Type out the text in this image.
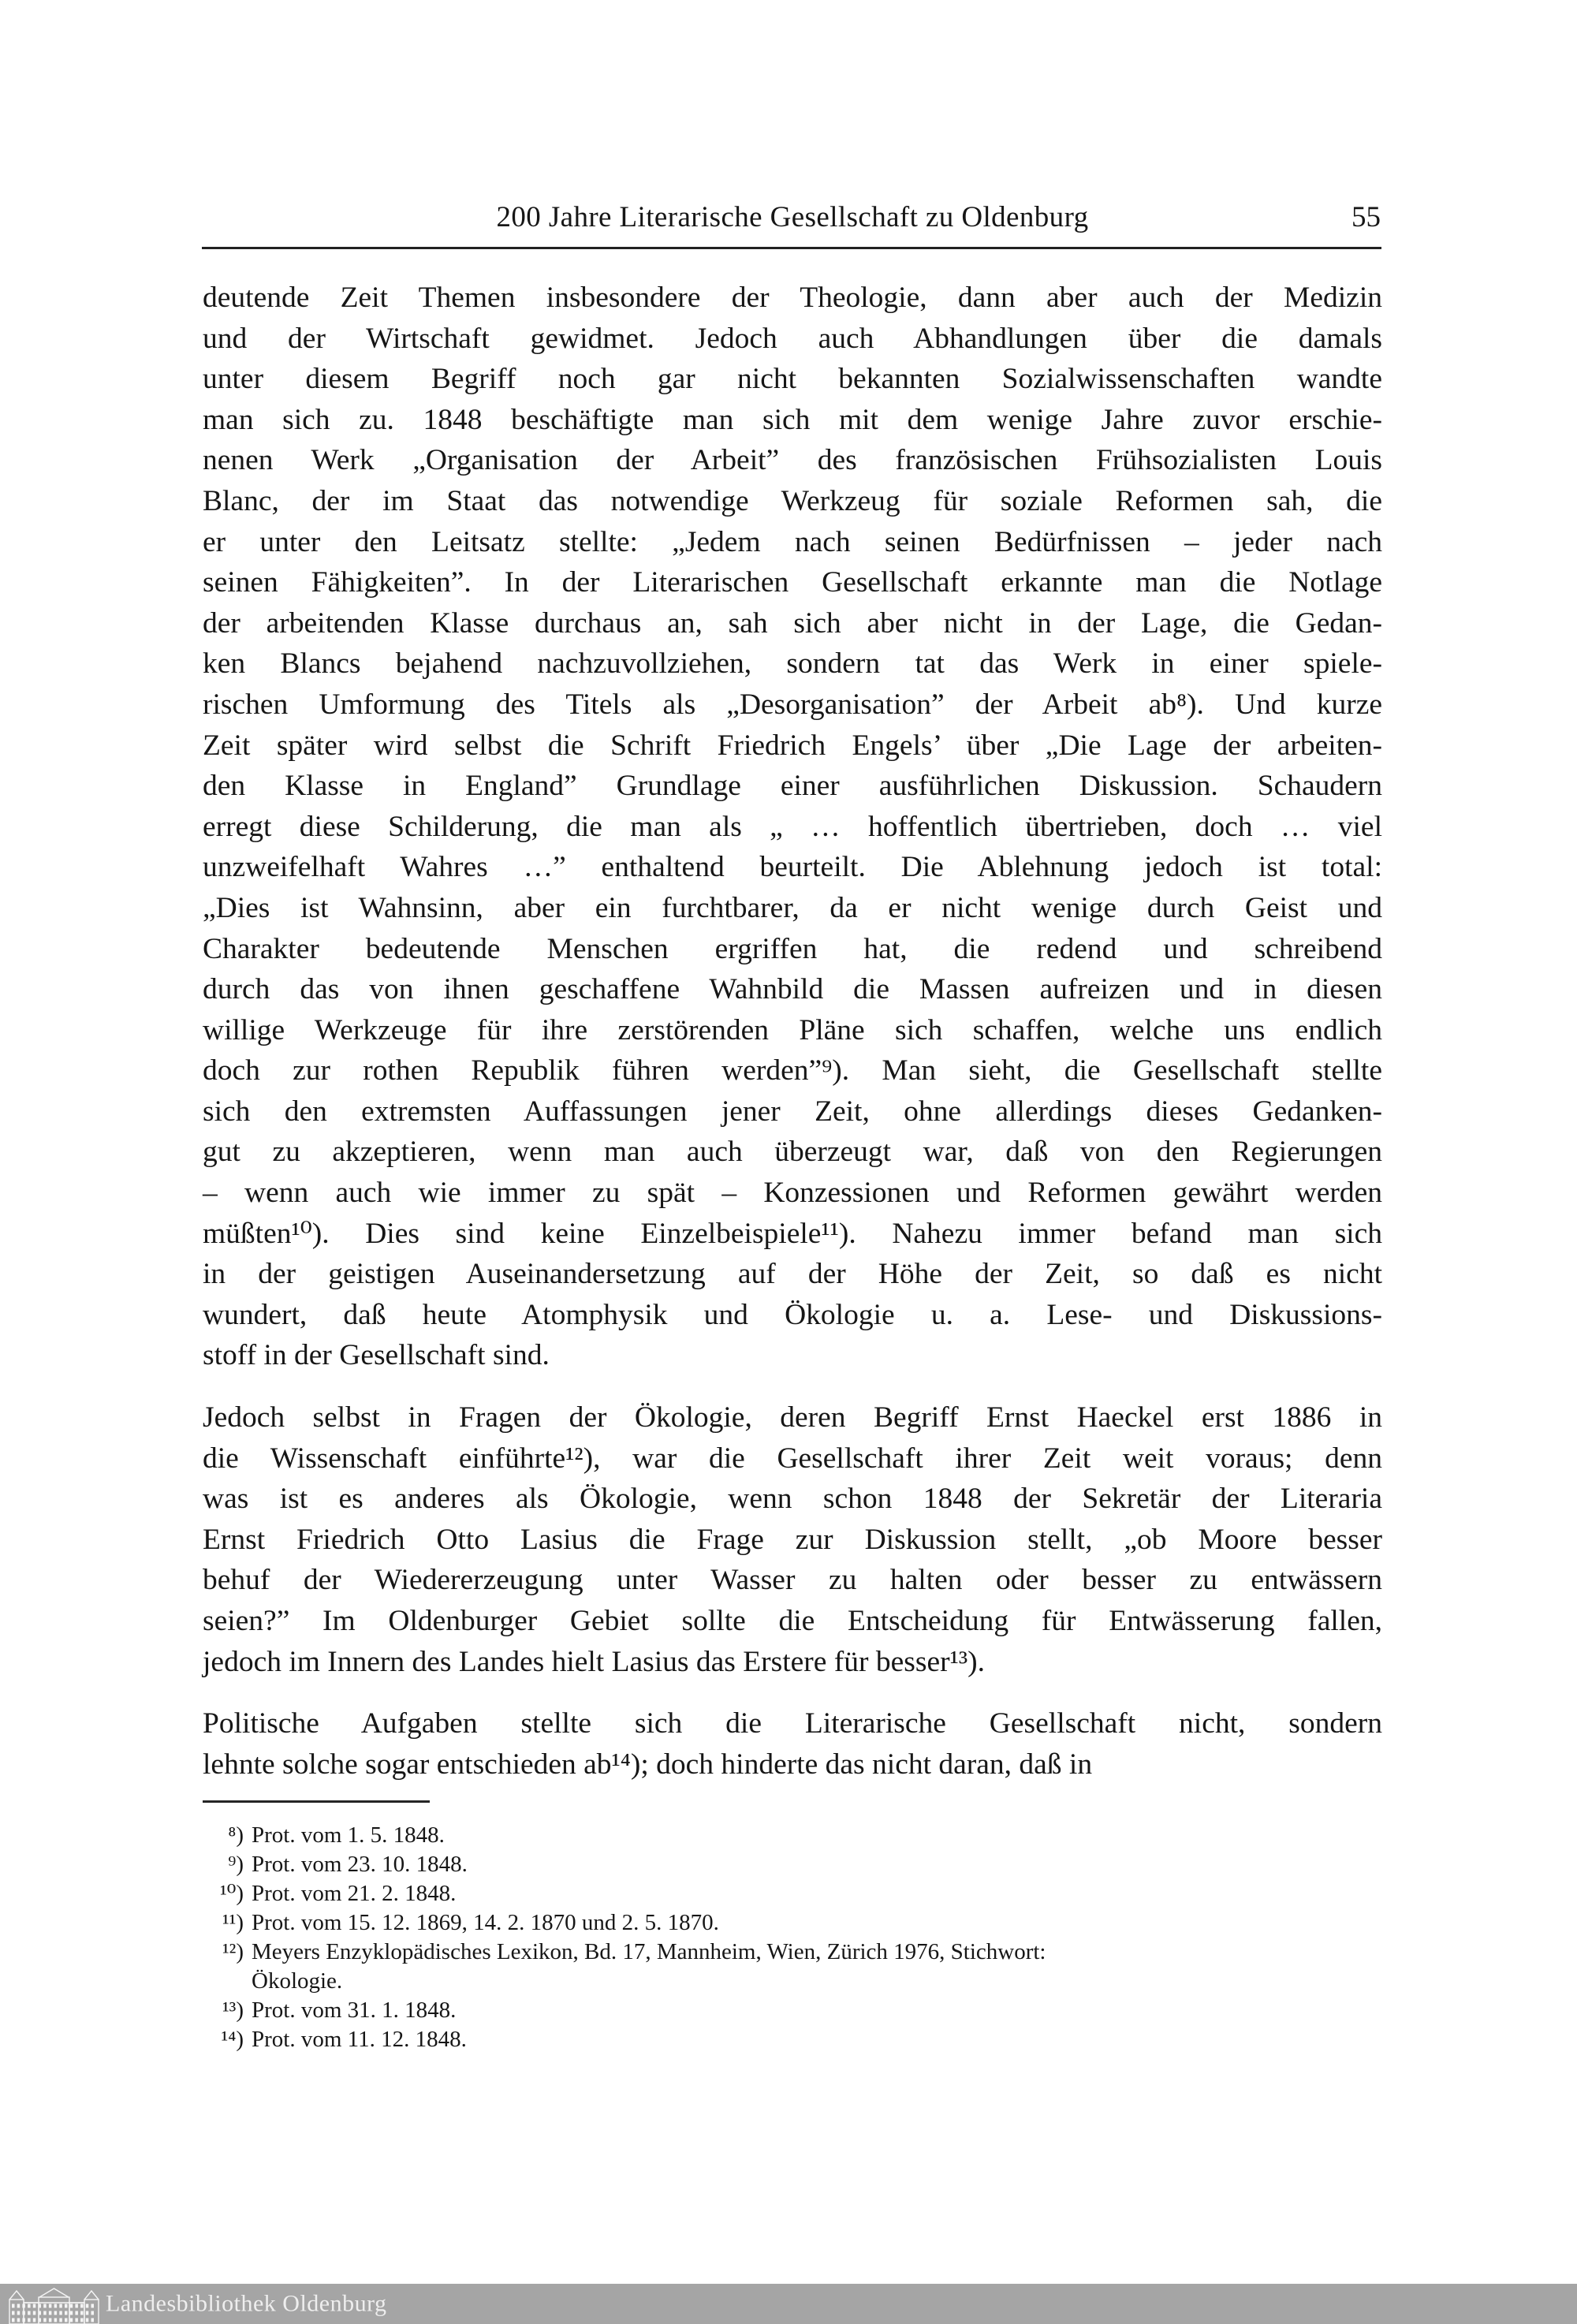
200 Jahre Literarische Gesellschaft zu Oldenburg	55
deutende Zeit Themen insbesondere der Theologie, dann aber auch der Medizin
und der Wirtschaft gewidmet. Jedoch auch Abhandlungen über die damals
unter diesem Begriff noch gar nicht bekannten Sozialwissenschaften wandte
man sich zu. 1848 beschäftigte man sich mit dem wenige Jahre zuvor erschie-
nenen Werk „Organisation der Arbeit” des französischen Frühsozialisten Louis
Blanc, der im Staat das notwendige Werkzeug für soziale Reformen sah, die
er unter den Leitsatz stellte: „Jedem nach seinen Bedürfnissen – jeder nach
seinen Fähigkeiten”. In der Literarischen Gesellschaft erkannte man die Notlage
der arbeitenden Klasse durchaus an, sah sich aber nicht in der Lage, die Gedan-
ken Blancs bejahend nachzuvollziehen, sondern tat das Werk in einer spiele-
rischen Umformung des Titels als „Desorganisation” der Arbeit ab⁸). Und kurze
Zeit später wird selbst die Schrift Friedrich Engels’ über „Die Lage der arbeiten-
den Klasse in England” Grundlage einer ausführlichen Diskussion. Schaudern
erregt diese Schilderung, die man als „ … hoffentlich übertrieben, doch … viel
unzweifelhaft Wahres …” enthaltend beurteilt. Die Ablehnung jedoch ist total:
„Dies ist Wahnsinn, aber ein furchtbarer, da er nicht wenige durch Geist und
Charakter bedeutende Menschen ergriffen hat, die redend und schreibend
durch das von ihnen geschaffene Wahnbild die Massen aufreizen und in diesen
willige Werkzeuge für ihre zerstörenden Pläne sich schaffen, welche uns endlich
doch zur rothen Republik führen werden”⁹). Man sieht, die Gesellschaft stellte
sich den extremsten Auffassungen jener Zeit, ohne allerdings dieses Gedanken-
gut zu akzeptieren, wenn man auch überzeugt war, daß von den Regierungen
– wenn auch wie immer zu spät – Konzessionen und Reformen gewährt werden
müßten¹⁰). Dies sind keine Einzelbeispiele¹¹). Nahezu immer befand man sich
in der geistigen Auseinandersetzung auf der Höhe der Zeit, so daß es nicht
wundert, daß heute Atomphysik und Ökologie u. a. Lese- und Diskussions-
stoff in der Gesellschaft sind.
Jedoch selbst in Fragen der Ökologie, deren Begriff Ernst Haeckel erst 1886 in
die Wissenschaft einführte¹²), war die Gesellschaft ihrer Zeit weit voraus; denn
was ist es anderes als Ökologie, wenn schon 1848 der Sekretär der Literaria
Ernst Friedrich Otto Lasius die Frage zur Diskussion stellt, „ob Moore besser
behuf der Wiedererzeugung unter Wasser zu halten oder besser zu entwässern
seien?” Im Oldenburger Gebiet sollte die Entscheidung für Entwässerung fallen,
jedoch im Innern des Landes hielt Lasius das Erstere für besser¹³).
Politische Aufgaben stellte sich die Literarische Gesellschaft nicht, sondern
lehnte solche sogar entschieden ab¹⁴); doch hinderte das nicht daran, daß in
⁸) Prot. vom 1. 5. 1848.
⁹) Prot. vom 23. 10. 1848.
¹⁰) Prot. vom 21. 2. 1848.
¹¹) Prot. vom 15. 12. 1869, 14. 2. 1870 und 2. 5. 1870.
¹²) Meyers Enzyklopädisches Lexikon, Bd. 17, Mannheim, Wien, Zürich 1976, Stichwort:
Ökologie.
¹³) Prot. vom 31. 1. 1848.
¹⁴) Prot. vom 11. 12. 1848.
Landesbibliothek Oldenburg
